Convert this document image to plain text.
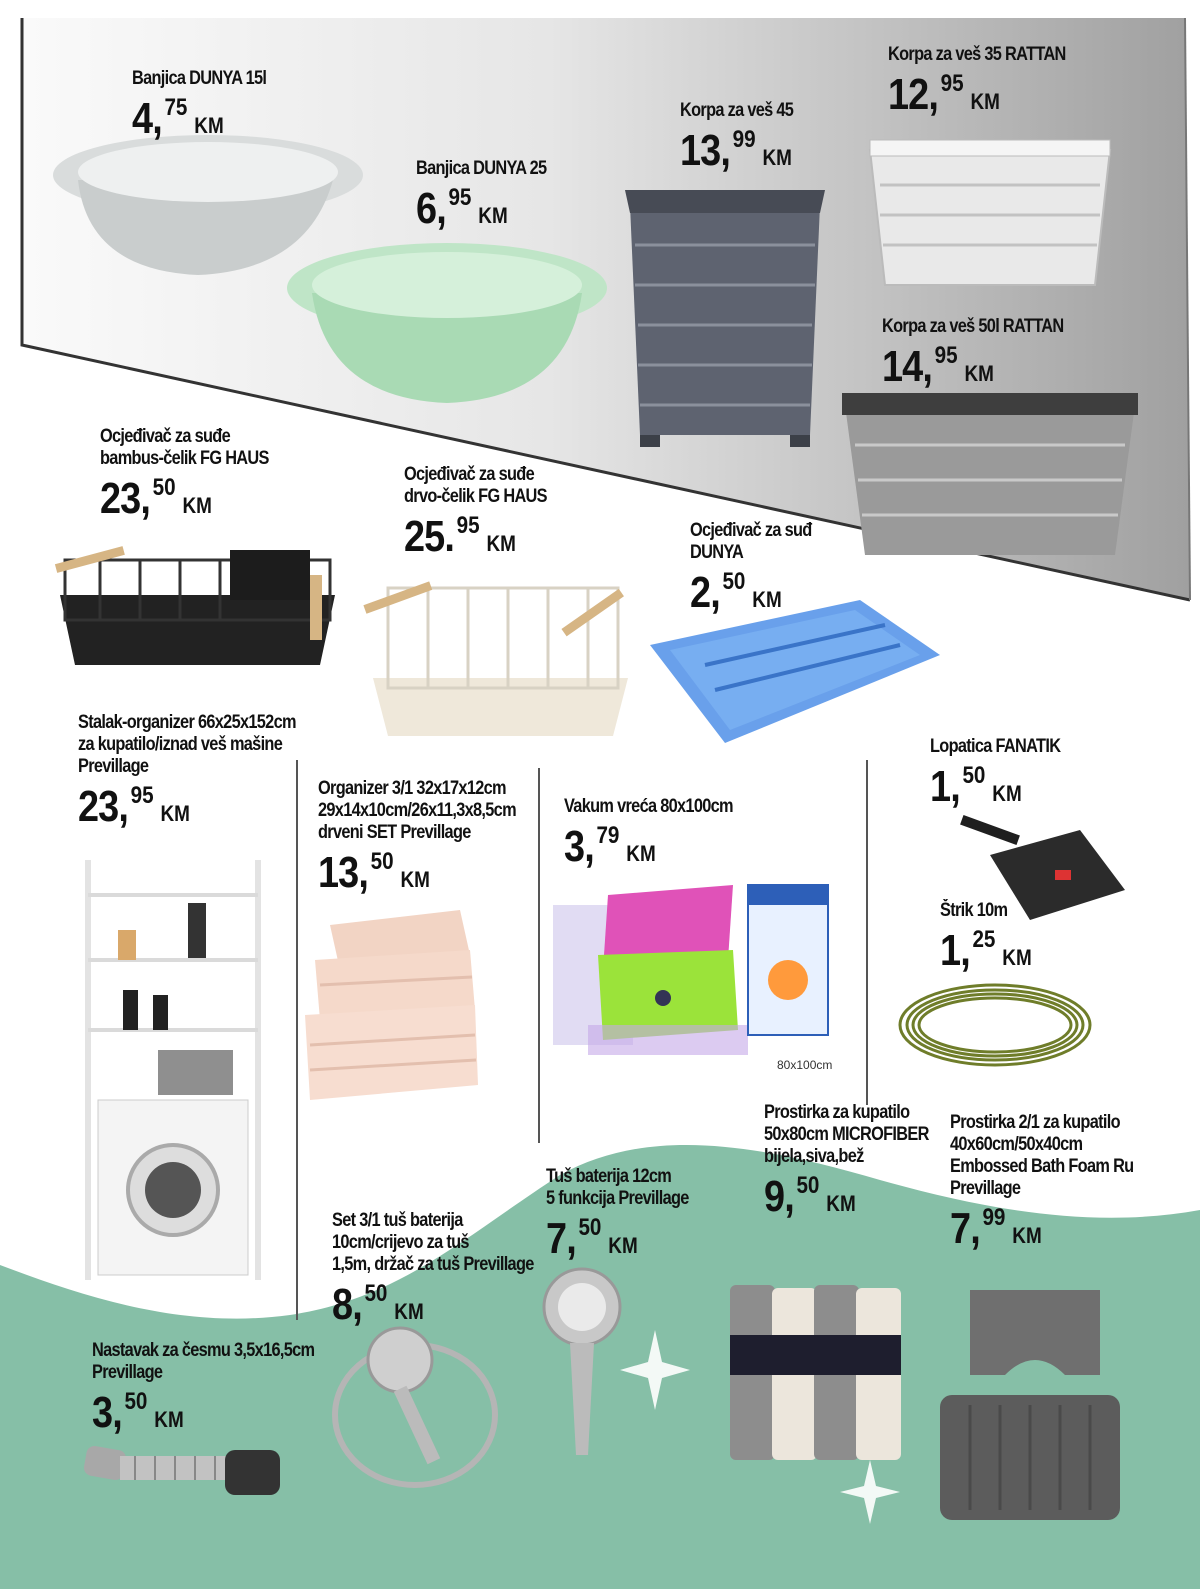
80x100cm
Banjica DUNYA 15l
4,75KM
Banjica DUNYA 25
6,95KM
Korpa za veš 45
13,99KM
Korpa za veš 35 RATTAN
12,95KM
Korpa za veš 50l RATTAN
14,95KM
Ocjeđivač za suđe
bambus-čelik FG HAUS
23,50KM
Ocjeđivač za suđe
drvo-čelik FG HAUS
25.95KM
Ocjeđivač za suđ
DUNYA
2,50KM
Stalak-organizer 66x25x152cm
za kupatilo/iznad veš mašine
Previllage
23,95KM
Organizer 3/1 32x17x12cm
29x14x10cm/26x11,3x8,5cm
drveni SET Previllage
13,50KM
Vakum vreća 80x100cm
3,79KM
Lopatica FANATIK
1,50KM
Štrik 10m
1,25KM
Prostirka za kupatilo
50x80cm MICROFIBER
bijela,siva,bež
9,50KM
Prostirka 2/1 za kupatilo
40x60cm/50x40cm
Embossed Bath Foam Ru
Previllage
7,99KM
Tuš baterija 12cm
5 funkcija Previllage
7,50KM
Set 3/1 tuš baterija
10cm/crijevo za tuš
1,5m, držač za tuš Previllage
8,50KM
Nastavak za česmu 3,5x16,5cm
Previllage
3,50KM
